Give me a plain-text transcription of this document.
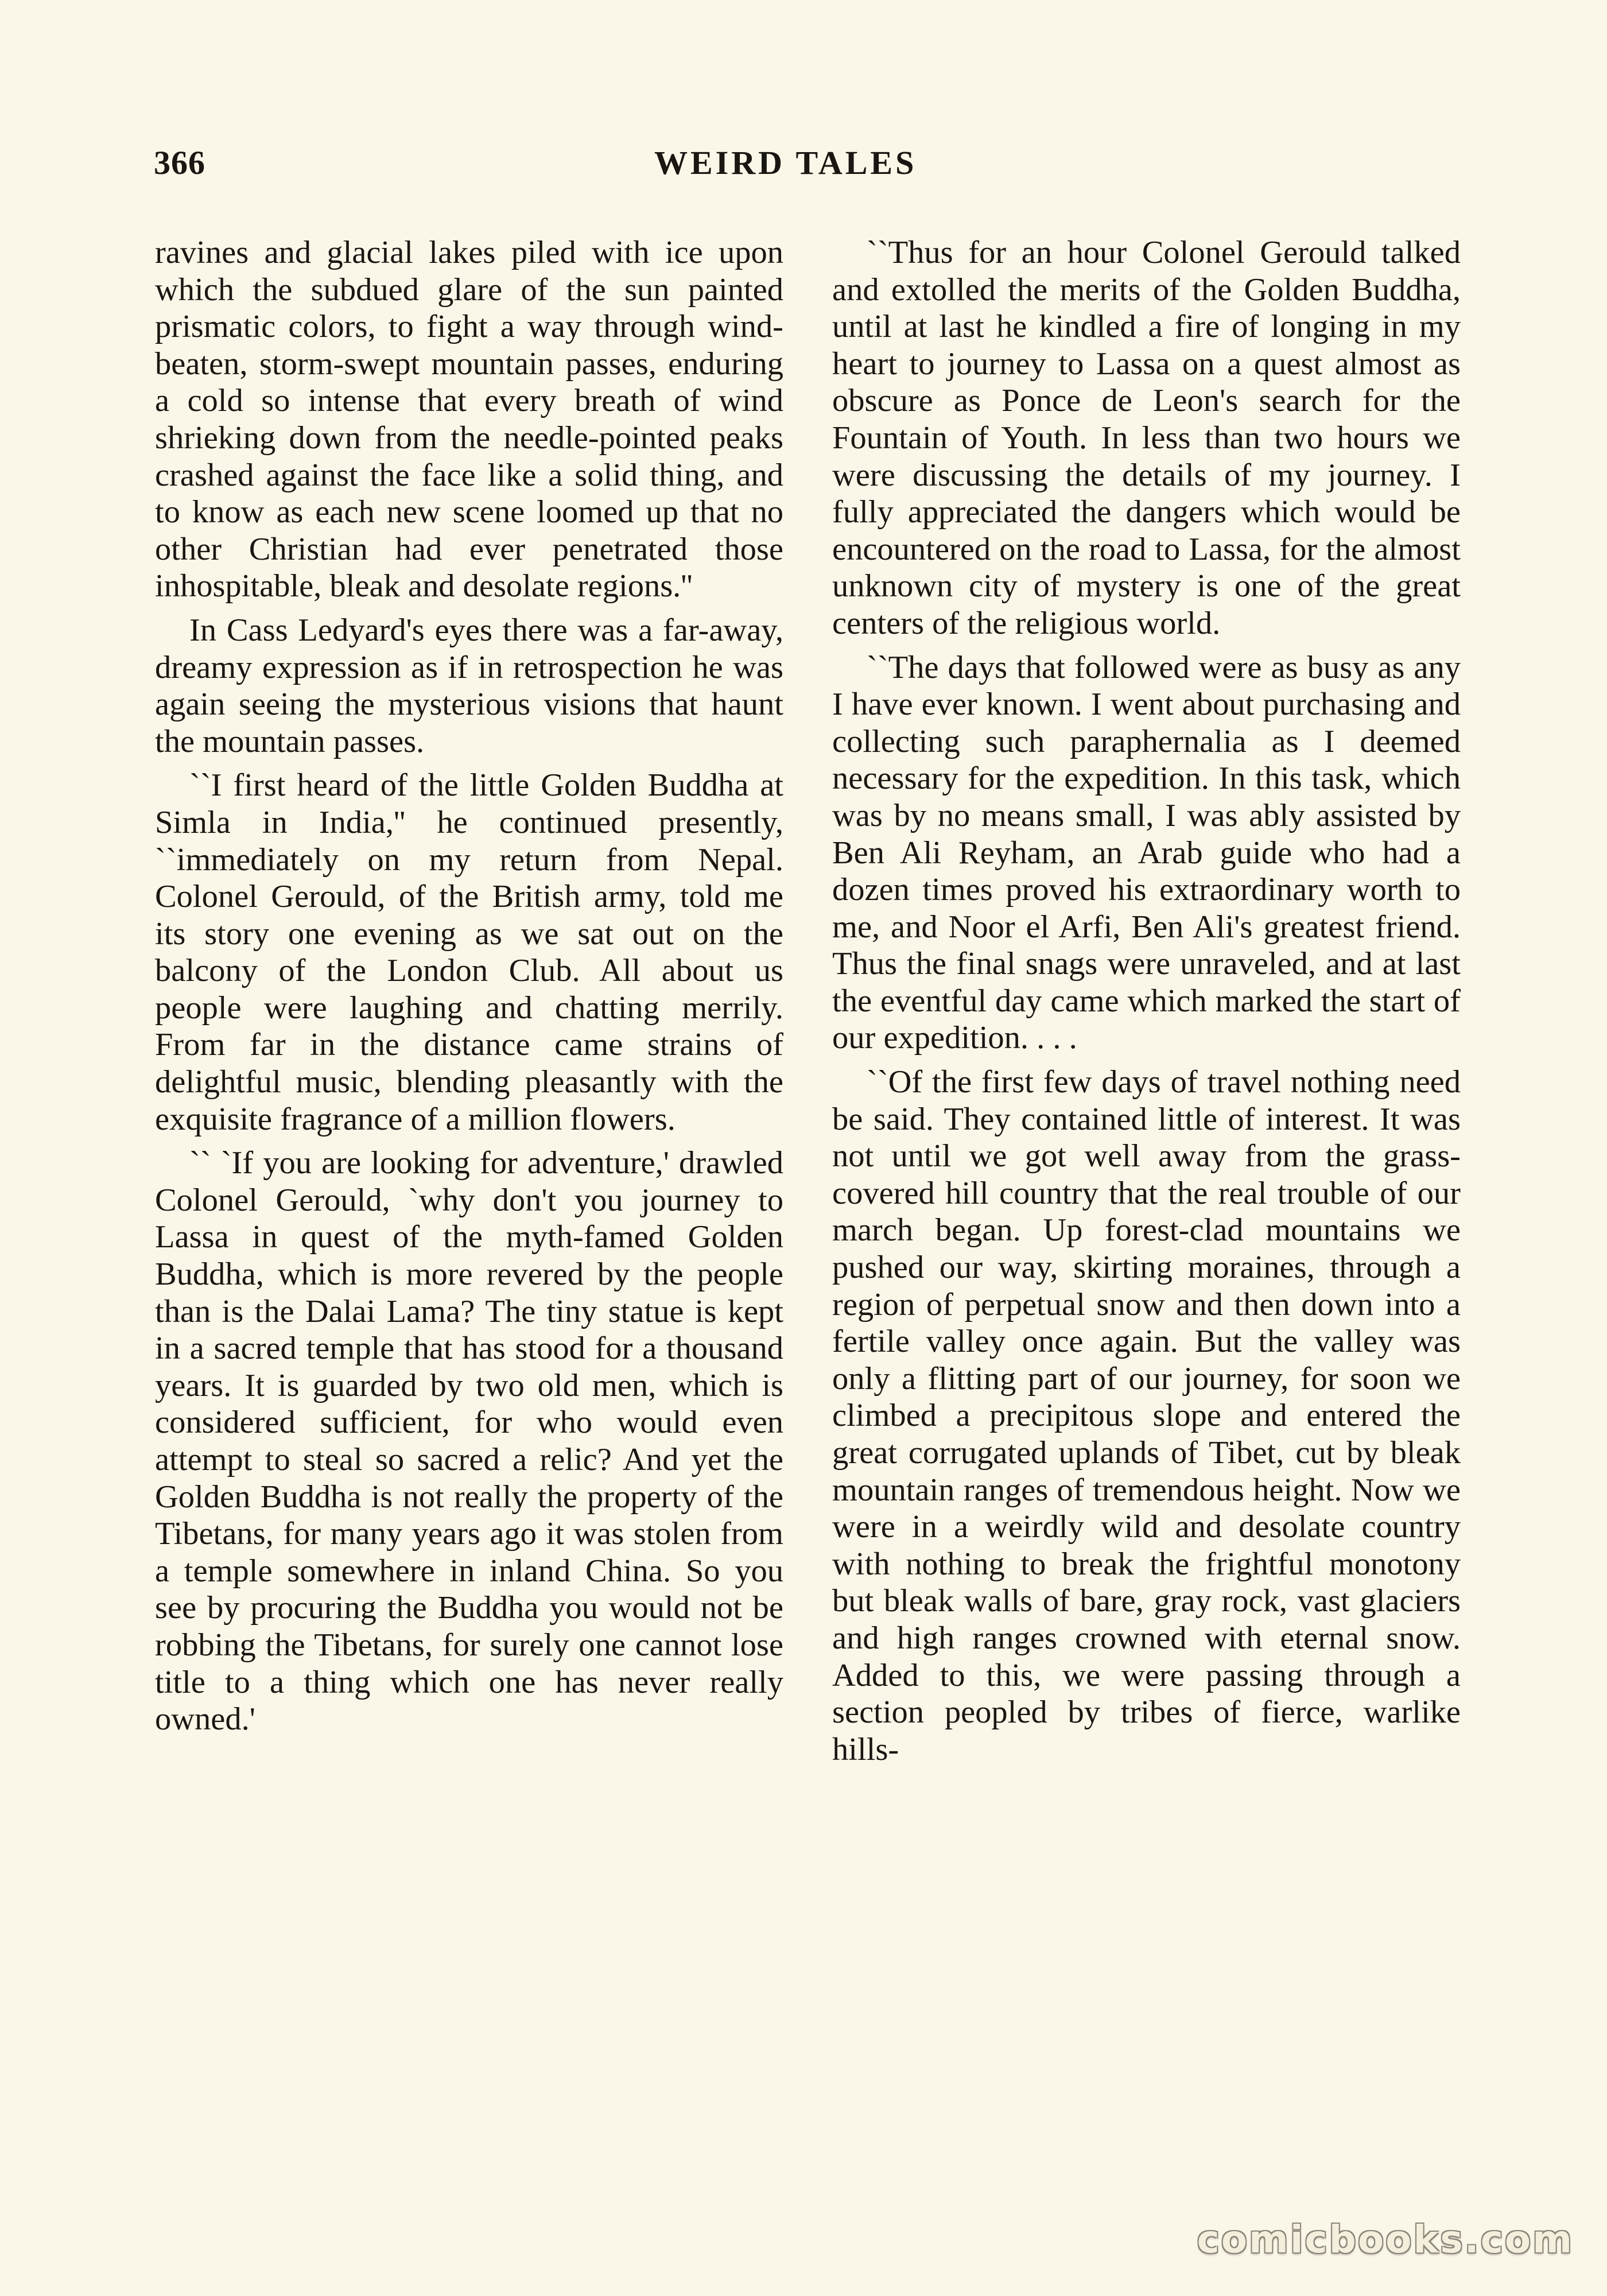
366	WEIRD TALES

ravines and glacial lakes piled with ice upon which the subdued glare of the sun painted prismatic colors, to fight a way through wind-beaten, storm-swept mountain passes, enduring a cold so intense that every breath of wind shrieking down from the needle-pointed peaks crashed against the face like a solid thing, and to know as each new scene loomed up that no other Christian had ever penetrated those inhospitable, bleak and desolate regions.''

In Cass Ledyard's eyes there was a far-away, dreamy expression as if in retrospection he was again seeing the mysterious visions that haunt the mountain passes.

``I first heard of the little Golden Buddha at Simla in India,'' he continued presently, ``immediately on my return from Nepal. Colonel Gerould, of the British army, told me its story one evening as we sat out on the balcony of the London Club. All about us people were laughing and chatting merrily. From far in the distance came strains of delightful music, blending pleasantly with the exquisite fragrance of a million flowers.

`` `If you are looking for adventure,' drawled Colonel Gerould, `why don't you journey to Lassa in quest of the myth-famed Golden Buddha, which is more revered by the people than is the Dalai Lama? The tiny statue is kept in a sacred temple that has stood for a thousand years. It is guarded by two old men, which is considered sufficient, for who would even attempt to steal so sacred a relic? And yet the Golden Buddha is not really the property of the Tibetans, for many years ago it was stolen from a temple somewhere in inland China. So you see by procuring the Buddha you would not be robbing the Tibetans, for surely one cannot lose title to a thing which one has never really owned.'

``Thus for an hour Colonel Gerould talked and extolled the merits of the Golden Buddha, until at last he kindled a fire of longing in my heart to journey to Lassa on a quest almost as obscure as Ponce de Leon's search for the Fountain of Youth. In less than two hours we were discussing the details of my journey. I fully appreciated the dangers which would be encountered on the road to Lassa, for the almost unknown city of mystery is one of the great centers of the religious world.

``The days that followed were as busy as any I have ever known. I went about purchasing and collecting such paraphernalia as I deemed necessary for the expedition. In this task, which was by no means small, I was ably assisted by Ben Ali Reyham, an Arab guide who had a dozen times proved his extraordinary worth to me, and Noor el Arfi, Ben Ali's greatest friend. Thus the final snags were unraveled, and at last the eventful day came which marked the start of our expedition. . . .

``Of the first few days of travel nothing need be said. They contained little of interest. It was not until we got well away from the grass-covered hill country that the real trouble of our march began. Up forest-clad mountains we pushed our way, skirting moraines, through a region of perpetual snow and then down into a fertile valley once again. But the valley was only a flitting part of our journey, for soon we climbed a precipitous slope and entered the great corrugated uplands of Tibet, cut by bleak mountain ranges of tremendous height. Now we were in a weirdly wild and desolate country with nothing to break the frightful monotony but bleak walls of bare, gray rock, vast glaciers and high ranges crowned with eternal snow. Added to this, we were passing through a section peopled by tribes of fierce, warlike hills-

comicbooks.com
